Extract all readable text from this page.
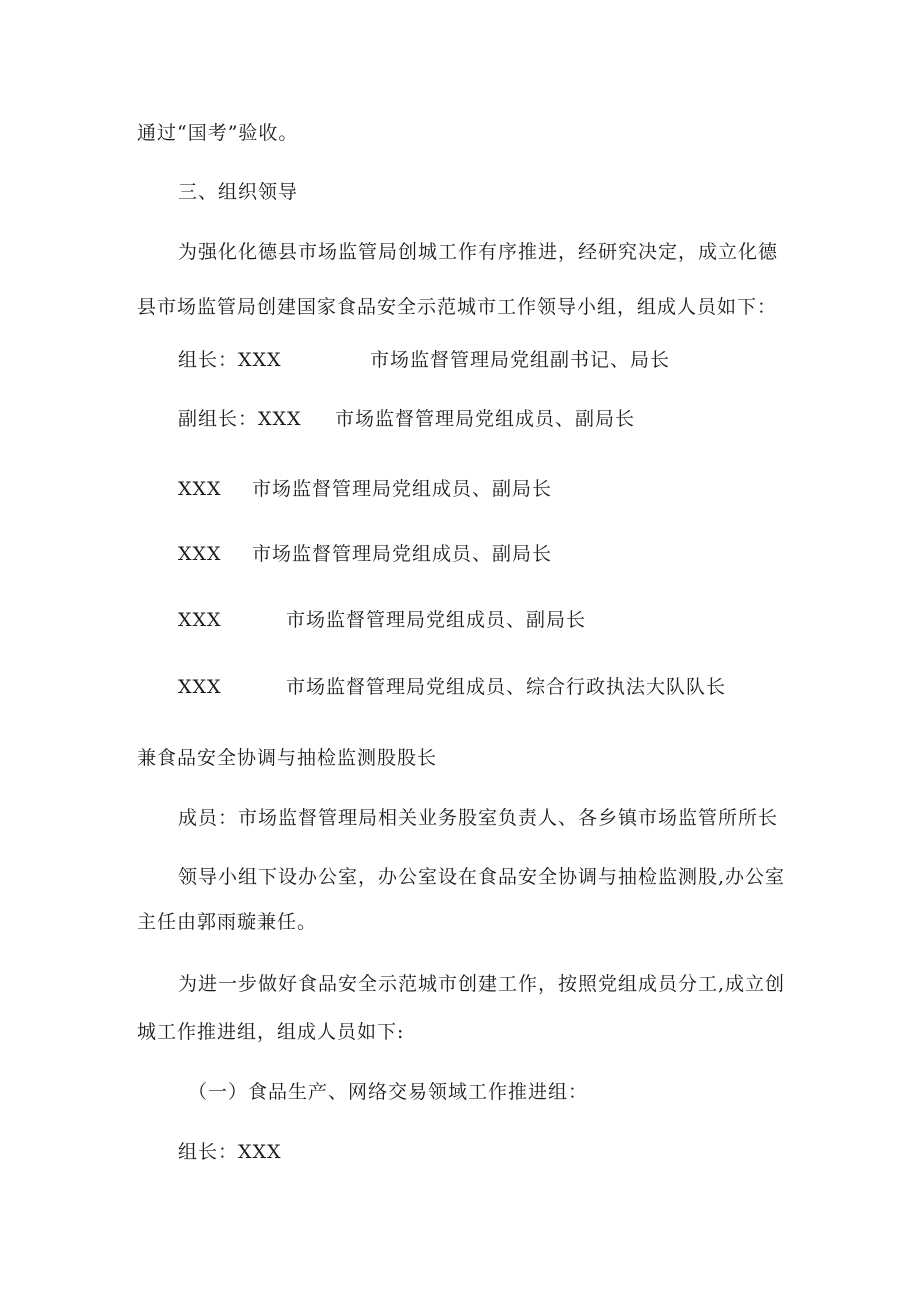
通过“国考”验收。
三、组织领导
为强化化德县市场监管局创城工作有序推进，经研究决定，成立化德
县市场监管局创建国家食品安全示范城市工作领导小组，组成人员如下：
组长：XXX	市场监督管理局党组副书记、局长
副组长：XXX 市场监督管理局党组成员、副局长
XXX 市场监督管理局党组成员、副局长
XXX 市场监督管理局党组成员、副局长
XXX	市场监督管理局党组成员、副局长
XXX	市场监督管理局党组成员、综合行政执法大队队长
兼食品安全协调与抽检监测股股长
成员：市场监督管理局相关业务股室负责人、各乡镇市场监管所所长
领导小组下设办公室，办公室设在食品安全协调与抽检监测股,办公室
主任由郭雨璇兼任。
为进一步做好食品安全示范城市创建工作，按照党组成员分工,成立创
城工作推进组，组成人员如下:
（一）食品生产、网络交易领域工作推进组：
组长：XXX
